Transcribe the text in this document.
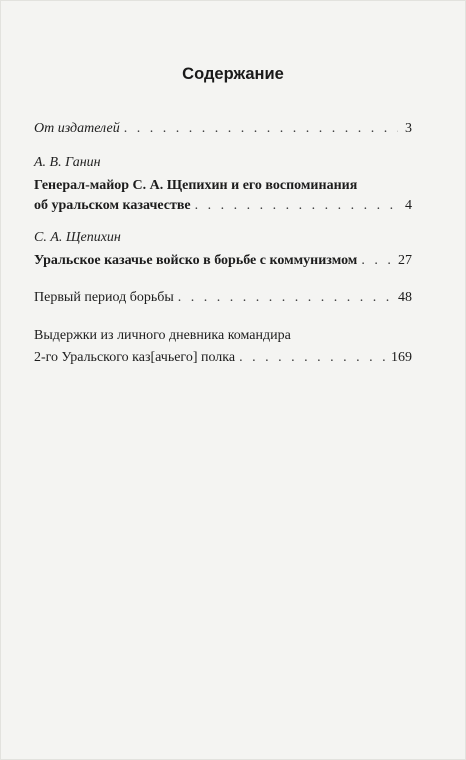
Содержание
От издателей . . .	3
А. В. Ганин
Генерал-майор С. А. Щепихин и его воспоминания
об уральском казачестве . . .	4
С. А. Щепихин
Уральское казачье войско в борьбе с коммунизмом . . .	27
Первый период борьбы . . .	48
Выдержки из личного дневника командира
2-го Уральского каз[ачьего] полка . . .	169
